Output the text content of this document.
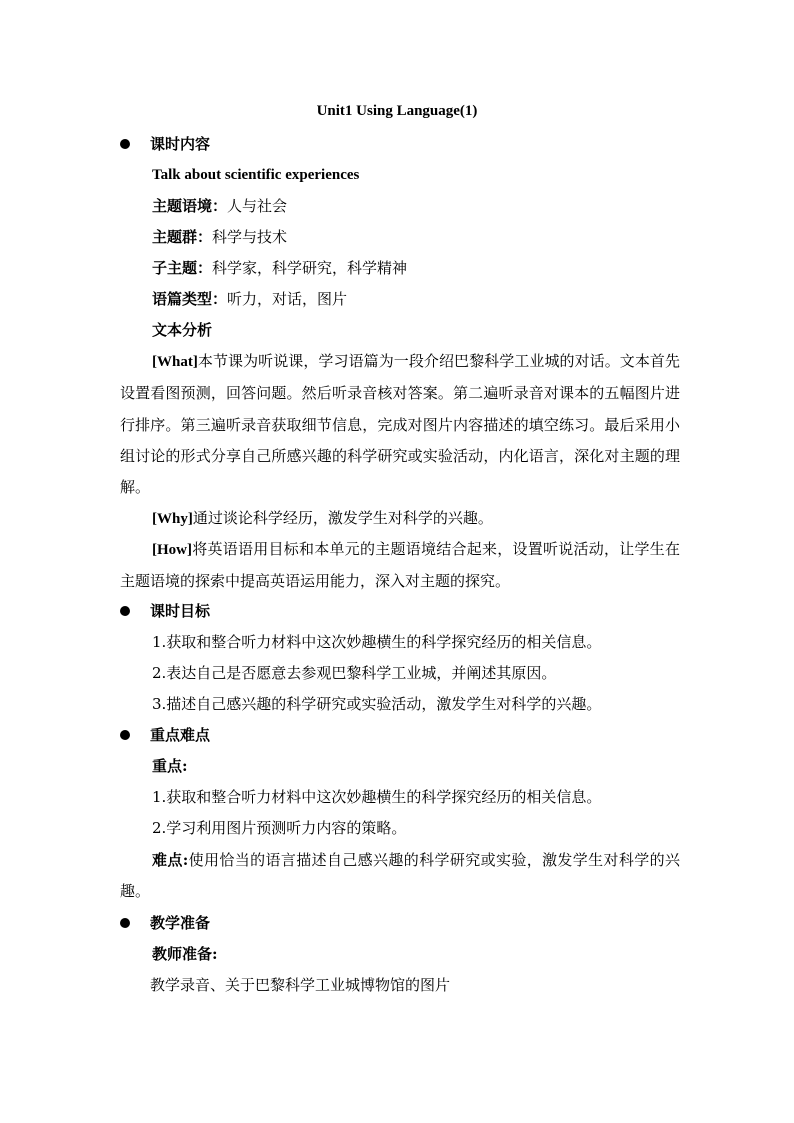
Unit1 Using Language(1)
课时内容
Talk about scientific experiences
主题语境：人与社会
主题群：科学与技术
子主题：科学家，科学研究，科学精神
语篇类型：听力，对话，图片
文本分析
[What]本节课为听说课，学习语篇为一段介绍巴黎科学工业城的对话。文本首先设置看图预测，回答问题。然后听录音核对答案。第二遍听录音对课本的五幅图片进行排序。第三遍听录音获取细节信息，完成对图片内容描述的填空练习。最后采用小组讨论的形式分享自己所感兴趣的科学研究或实验活动，内化语言，深化对主题的理解。
[Why]通过谈论科学经历，激发学生对科学的兴趣。
[How]将英语语用目标和本单元的主题语境结合起来，设置听说活动，让学生在主题语境的探索中提高英语运用能力，深入对主题的探究。
课时目标
1.获取和整合听力材料中这次妙趣横生的科学探究经历的相关信息。
2.表达自己是否愿意去参观巴黎科学工业城，并阐述其原因。
3.描述自己感兴趣的科学研究或实验活动，激发学生对科学的兴趣。
重点难点
重点:
1.获取和整合听力材料中这次妙趣横生的科学探究经历的相关信息。
2.学习利用图片预测听力内容的策略。
难点:使用恰当的语言描述自己感兴趣的科学研究或实验，激发学生对科学的兴趣。
教学准备
教师准备:
教学录音、关于巴黎科学工业城博物馆的图片
